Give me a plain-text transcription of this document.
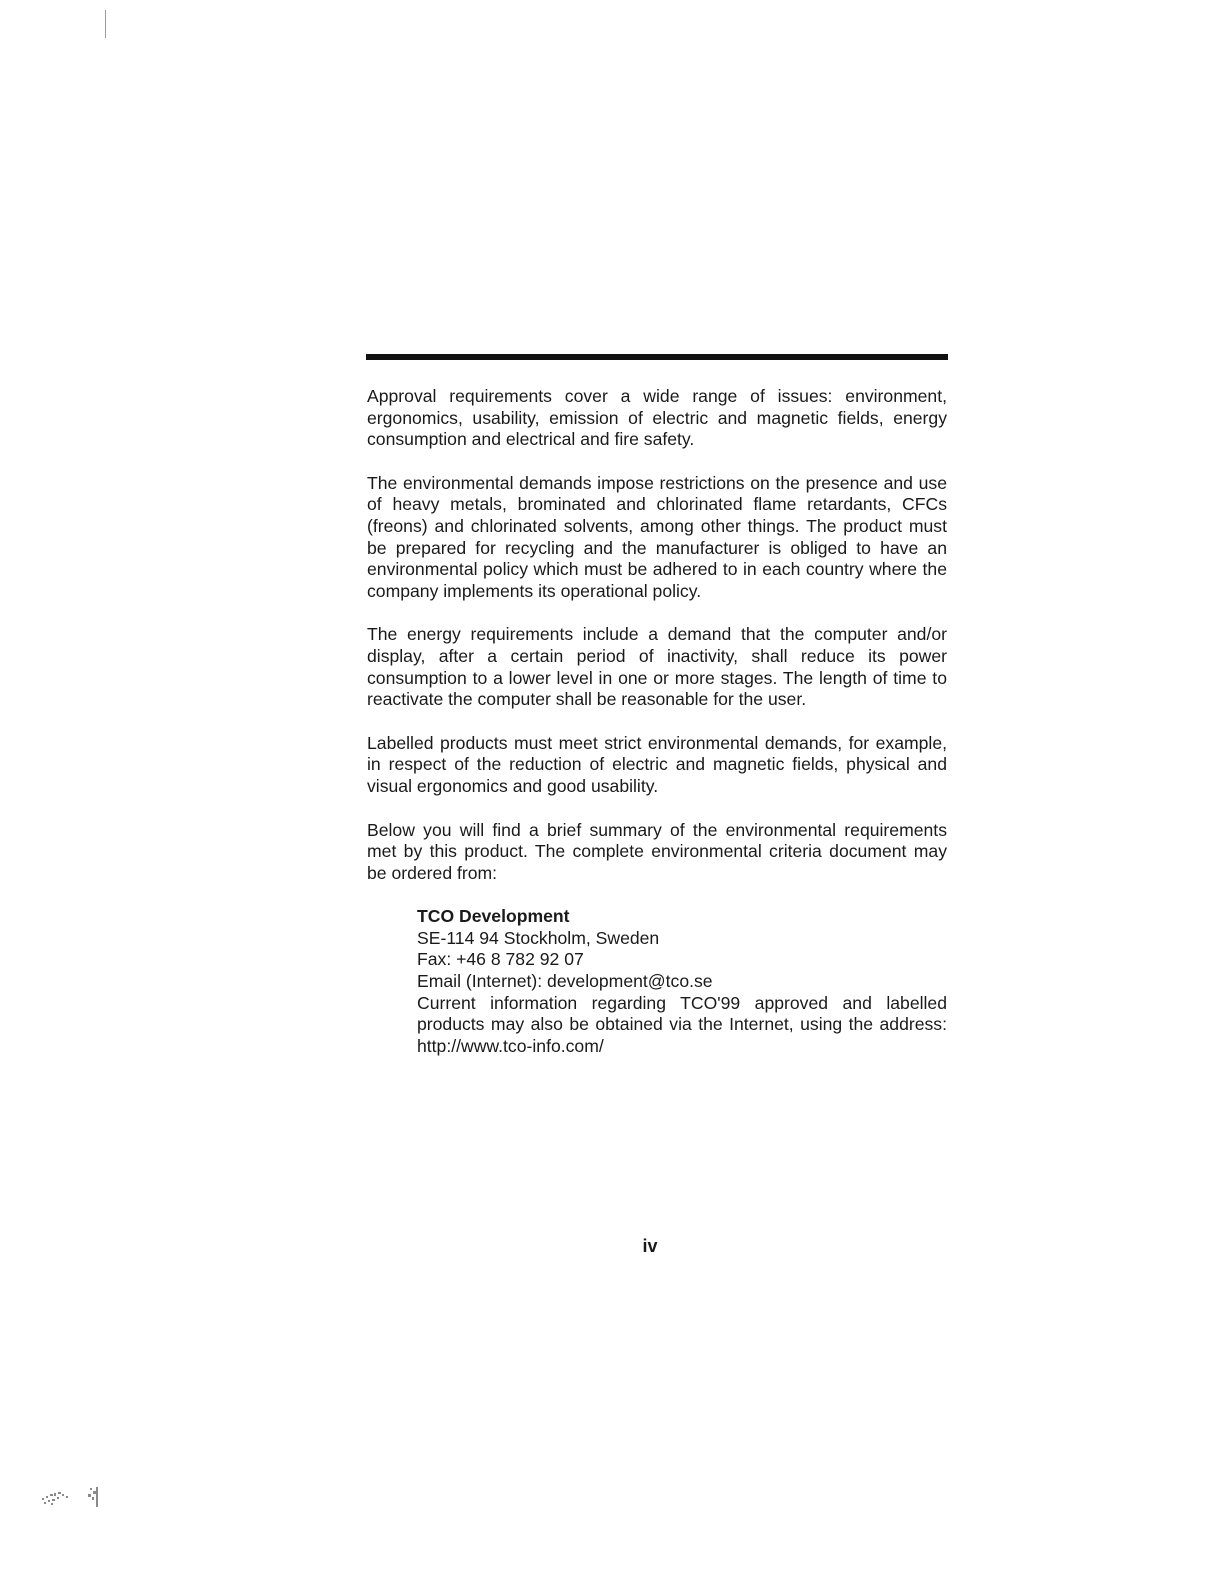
Approval requirements cover a wide range of issues: environment, ergonomics, usability, emission of electric and magnetic fields, energy consumption and electrical and fire safety.

The environmental demands impose restrictions on the presence and use of heavy metals, brominated and chlorinated flame retardants, CFCs (freons) and chlorinated solvents, among other things. The product must be prepared for recycling and the manufacturer is obliged to have an environmental policy which must be adhered to in each country where the company implements its operational policy.

The energy requirements include a demand that the computer and/or display, after a certain period of inactivity, shall reduce its power consumption to a lower level in one or more stages. The length of time to reactivate the computer shall be reasonable for the user.

Labelled products must meet strict environmental demands, for example, in respect of the reduction of electric and magnetic fields, physical and visual ergonomics and good usability.

Below you will find a brief summary of the environmental requirements met by this product. The complete environmental criteria document may be ordered from:

TCO Development
SE-114 94 Stockholm, Sweden
Fax: +46 8 782 92 07
Email (Internet): development@tco.se
Current information regarding TCO'99 approved and labelled products may also be obtained via the Internet, using the address: http://www.tco-info.com/
iv
